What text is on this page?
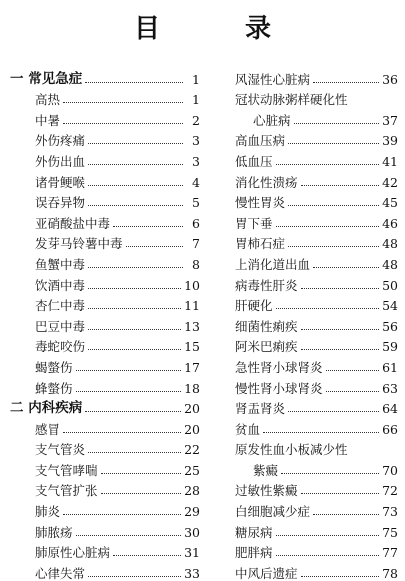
目 录
一 常见急症	1
高热	1
中暑	2
外伤疼痛	3
外伤出血	3
诸骨鲠喉	4
误吞异物	5
亚硝酸盐中毒	6
发芽马铃薯中毒	7
鱼蟹中毒	8
饮酒中毒	10
杏仁中毒	11
巴豆中毒	13
毒蛇咬伤	15
蝎螫伤	17
蜂螫伤	18
二 内科疾病	20
感冒	20
支气管炎	22
支气管哮喘	25
支气管扩张	28
肺炎	29
肺脓疡	30
肺原性心脏病	31
心律失常	33
风湿性心脏病	36
冠状动脉粥样硬化性
心脏病	37
高血压病	39
低血压	41
消化性溃疡	42
慢性胃炎	45
胃下垂	46
胃柿石症	48
上消化道出血	48
病毒性肝炎	50
肝硬化	54
细菌性痢疾	56
阿米巴痢疾	59
急性肾小球肾炎	61
慢性肾小球肾炎	63
肾盂肾炎	64
贫血	66
原发性血小板减少性
紫癜	70
过敏性紫癜	72
白细胞减少症	73
糖尿病	75
肥胖病	77
中风后遗症	78
